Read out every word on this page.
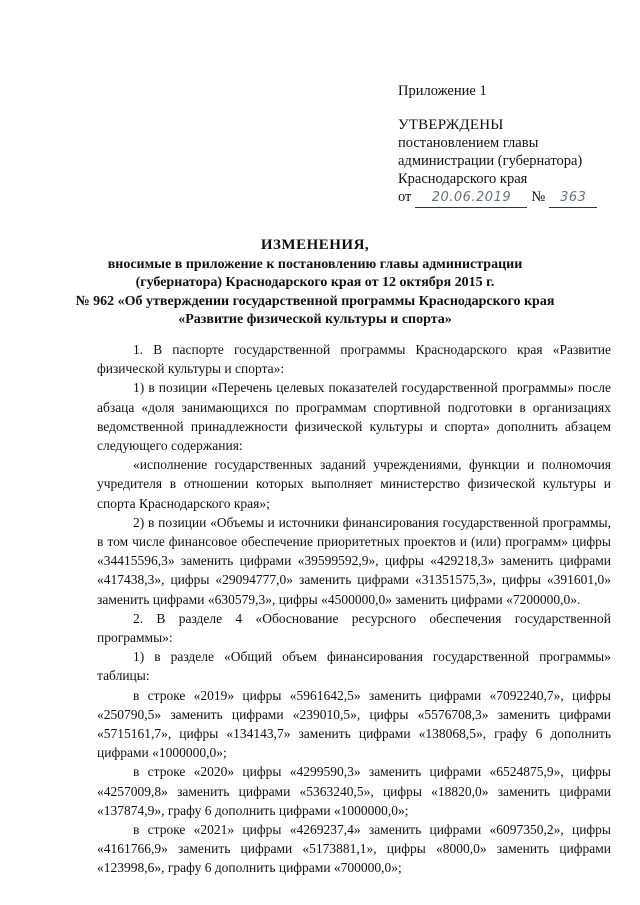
Приложение 1
УТВЕРЖДЕНЫ
постановлением главы
администрации (губернатора)
Краснодарского края
от 20.06.2019 № 363
ИЗМЕНЕНИЯ,
вносимые в приложение к постановлению главы администрации
(губернатора) Краснодарского края от 12 октября 2015 г.
№ 962 «Об утверждении государственной программы Краснодарского края
«Развитие физической культуры и спорта»

1. В паспорте государственной программы Краснодарского края «Развитие физической культуры и спорта»:

1) в позиции «Перечень целевых показателей государственной программы» после абзаца «доля занимающихся по программам спортивной подготовки в организациях ведомственной принадлежности физической культуры и спорта» дополнить абзацем следующего содержания:

«исполнение государственных заданий учреждениями, функции и полномочия учредителя в отношении которых выполняет министерство физической культуры и спорта Краснодарского края»;

2) в позиции «Объемы и источники финансирования государственной программы, в том числе финансовое обеспечение приоритетных проектов и (или) программ» цифры «34415596,3» заменить цифрами «39599592,9», цифры «429218,3» заменить цифрами «417438,3», цифры «29094777,0» заменить цифрами «31351575,3», цифры «391601,0» заменить цифрами «630579,3», цифры «4500000,0» заменить цифрами «7200000,0».

2. В разделе 4 «Обоснование ресурсного обеспечения государственной программы»:

1) в разделе «Общий объем финансирования государственной программы» таблицы:

в строке «2019» цифры «5961642,5» заменить цифрами «7092240,7», цифры «250790,5» заменить цифрами «239010,5», цифры «5576708,3» заменить цифрами «5715161,7», цифры «134143,7» заменить цифрами «138068,5», графу 6 дополнить цифрами «1000000,0»;

в строке «2020» цифры «4299590,3» заменить цифрами «6524875,9», цифры «4257009,8» заменить цифрами «5363240,5», цифры «18820,0» заменить цифрами «137874,9», графу 6 дополнить цифрами «1000000,0»;

в строке «2021» цифры «4269237,4» заменить цифрами «6097350,2», цифры «4161766,9» заменить цифрами «5173881,1», цифры «8000,0» заменить цифрами «123998,6», графу 6 дополнить цифрами «700000,0»;
